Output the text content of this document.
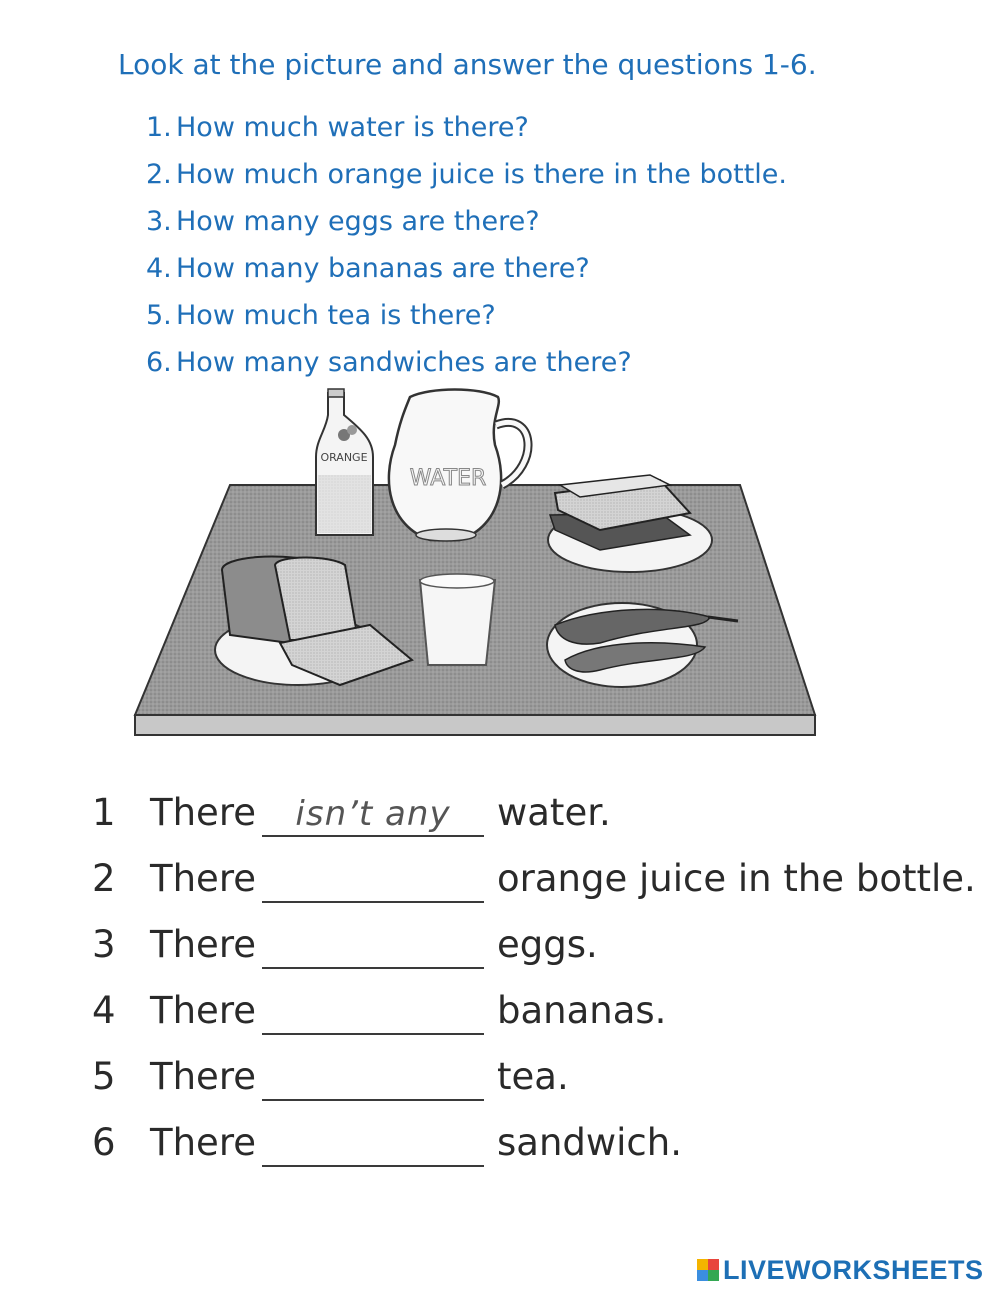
Look at the picture and answer the questions 1-6.
1. How much water is there?
2. How much orange juice is there in the bottle.
3. How many eggs are there?
4. How many bananas are there?
5. How much tea is there?
6. How many sandwiches are there?
ORANGE
WATER
1 There	isn’t any	water.
2 There	orange juice in the bottle.
3 There	eggs.
4 There	bananas.
5 There	tea.
6 There	sandwich.
LIVEWORKSHEETS
